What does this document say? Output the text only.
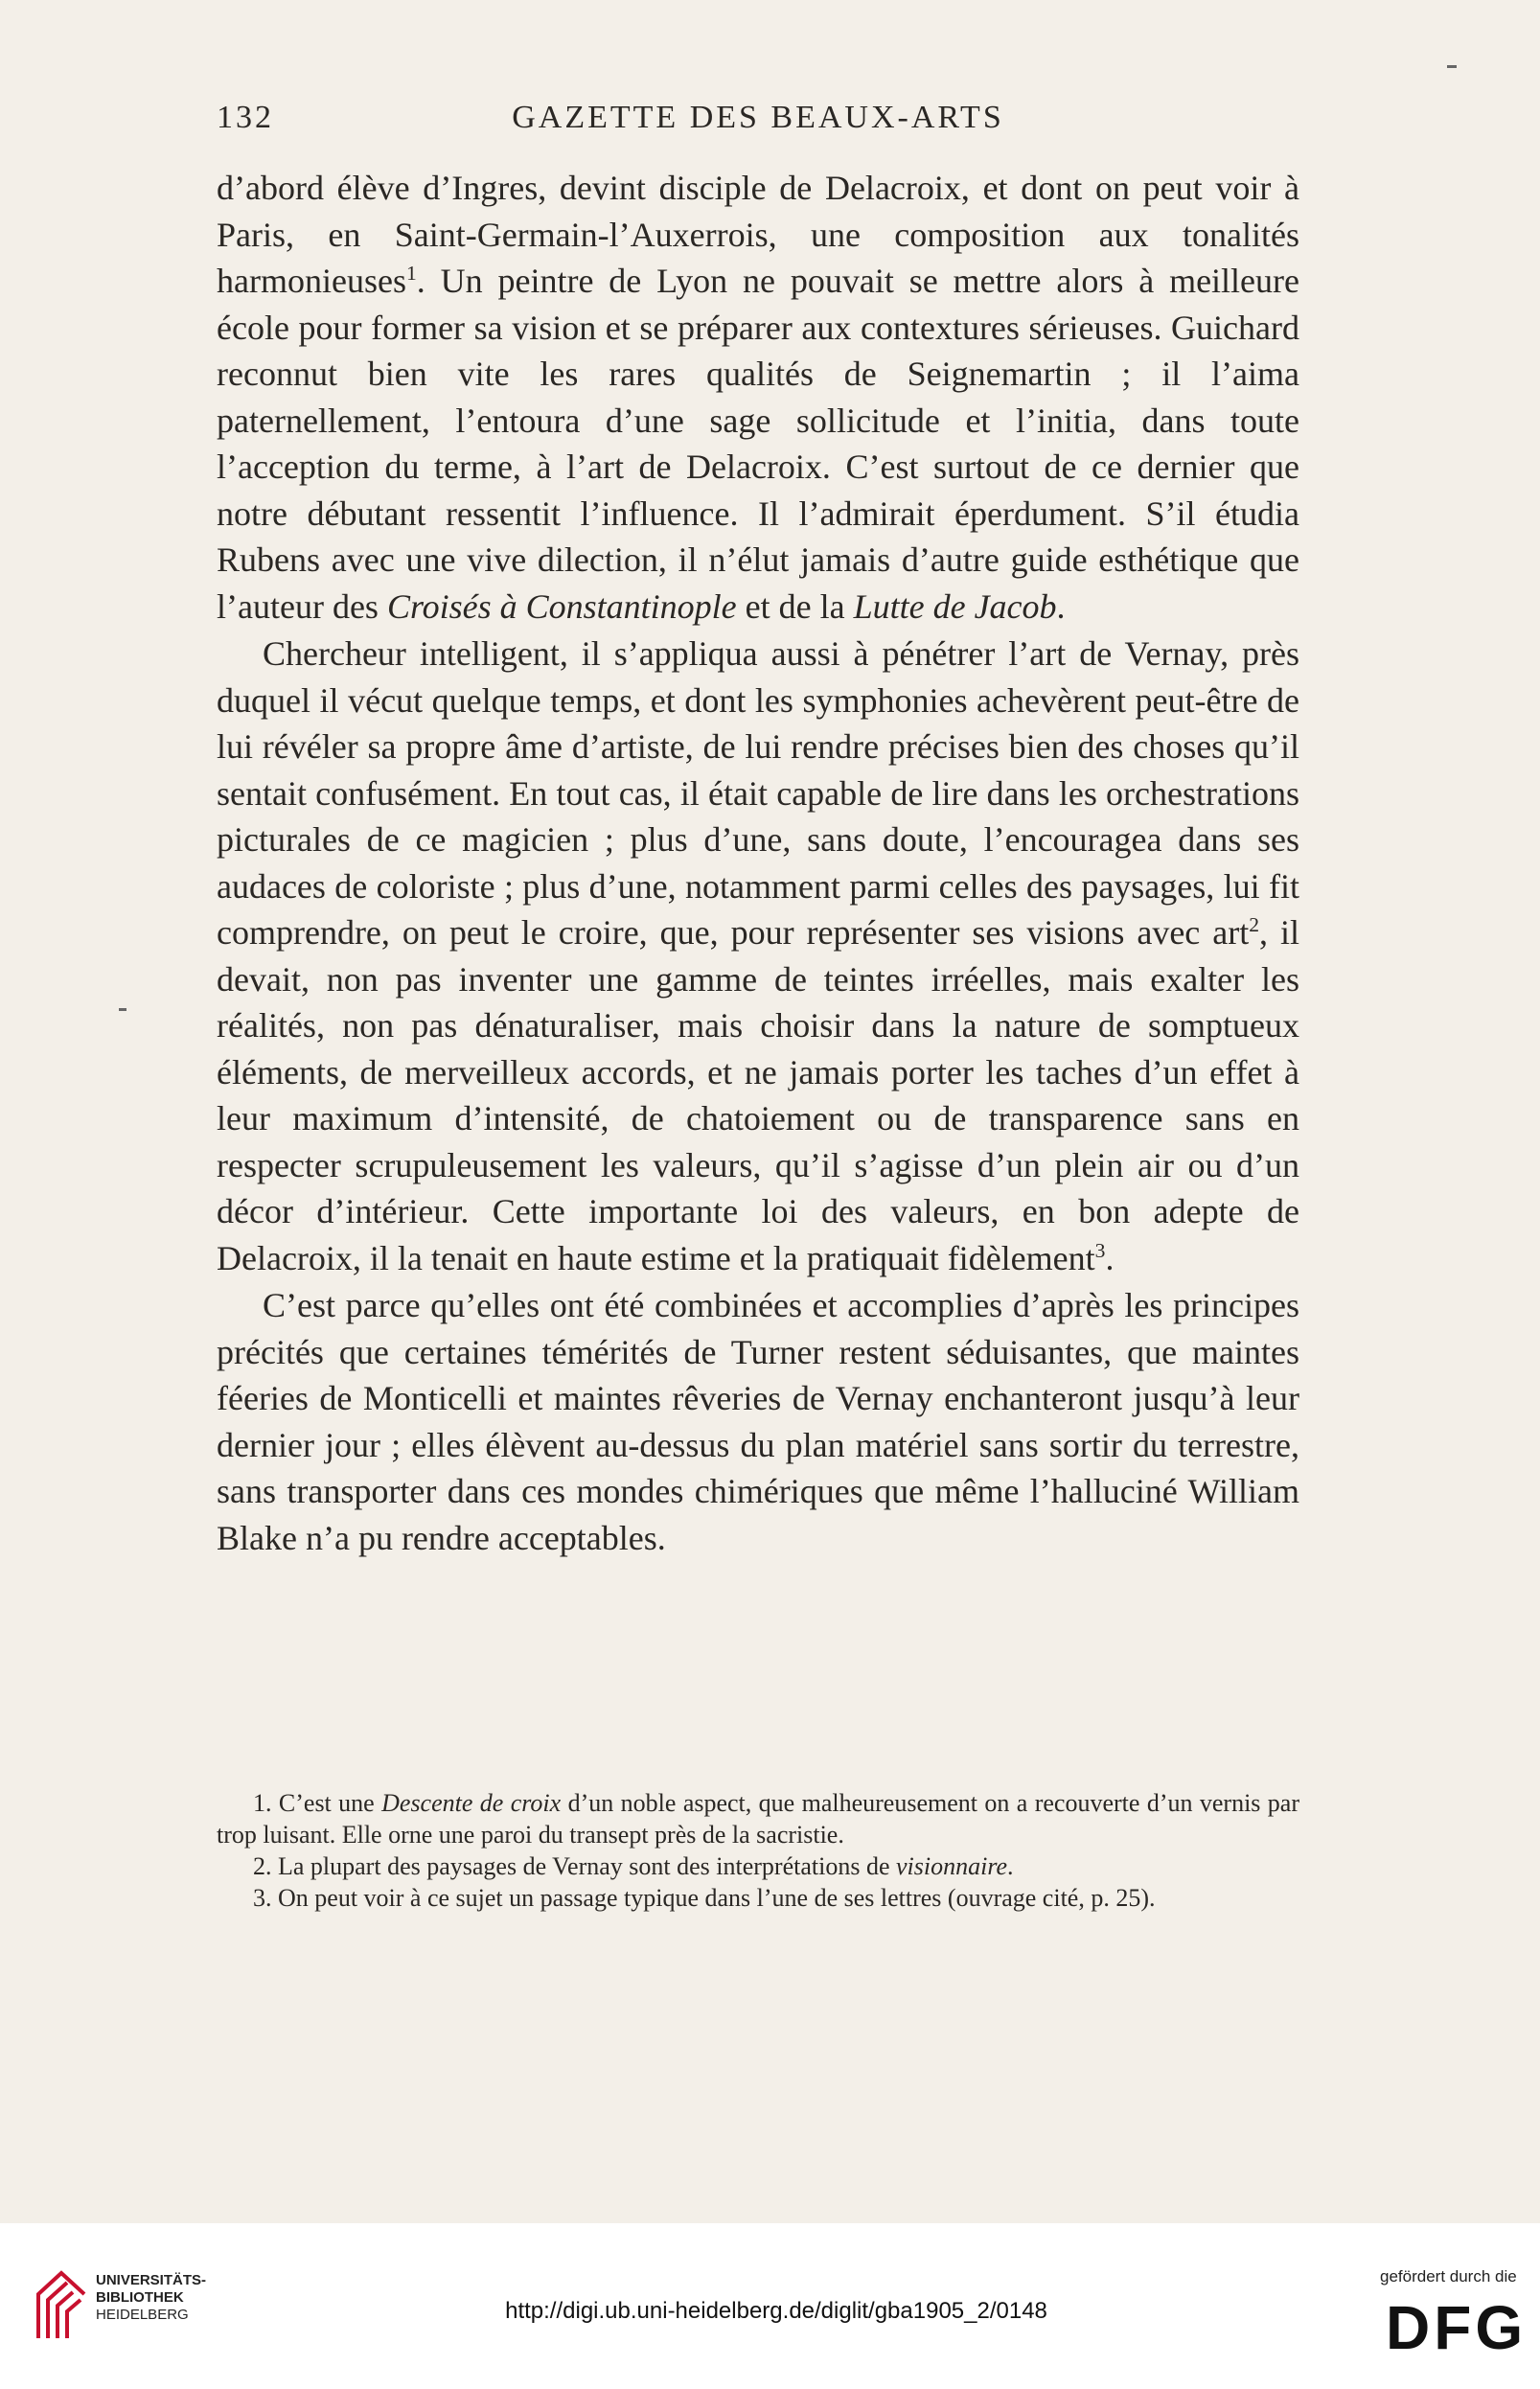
132	GAZETTE DES BEAUX-ARTS

d’abord élève d’Ingres, devint disciple de Delacroix, et dont on peut voir à Paris, en Saint-Germain-l’Auxerrois, une composition aux tonalités harmonieuses$^1$. Un peintre de Lyon ne pouvait se mettre alors à meilleure école pour former sa vision et se préparer aux contextures sérieuses. Guichard reconnut bien vite les rares qualités de Seignemartin ; il l’aima paternellement, l’entoura d’une sage sollicitude et l’initia, dans toute l’acception du terme, à l’art de Delacroix. C’est surtout de ce dernier que notre débutant ressentit l’influence. Il l’admirait éperdument. S’il étudia Rubens avec une vive dilection, il n’élut jamais d’autre guide esthétique que l’auteur des Croisés à Constantinople et de la Lutte de Jacob.

Chercheur intelligent, il s’appliqua aussi à pénétrer l’art de Vernay, près duquel il vécut quelque temps, et dont les symphonies achevèrent peut-être de lui révéler sa propre âme d’artiste, de lui rendre précises bien des choses qu’il sentait confusément. En tout cas, il était capable de lire dans les orchestrations picturales de ce magicien ; plus d’une, sans doute, l’encouragea dans ses audaces de coloriste ; plus d’une, notamment parmi celles des paysages, lui fit comprendre, on peut le croire, que, pour représenter ses visions avec art$^2$, il devait, non pas inventer une gamme de teintes irréelles, mais exalter les réalités, non pas dénaturaliser, mais choisir dans la nature de somptueux éléments, de merveilleux accords, et ne jamais porter les taches d’un effet à leur maximum d’intensité, de chatoiement ou de transparence sans en respecter scrupuleusement les valeurs, qu’il s’agisse d’un plein air ou d’un décor d’intérieur. Cette importante loi des valeurs, en bon adepte de Delacroix, il la tenait en haute estime et la pratiquait fidèlement$^3$.

C’est parce qu’elles ont été combinées et accomplies d’après les principes précités que certaines témérités de Turner restent séduisantes, que maintes féeries de Monticelli et maintes rêveries de Vernay enchanteront jusqu’à leur dernier jour ; elles élèvent au-dessus du plan matériel sans sortir du terrestre, sans transporter dans ces mondes chimériques que même l’halluciné William Blake n’a pu rendre acceptables.

1. C’est une Descente de croix d’un noble aspect, que malheureusement on a recouverte d’un vernis par trop luisant. Elle orne une paroi du transept près de la sacristie.

2. La plupart des paysages de Vernay sont des interprétations de visionnaire.

3. On peut voir à ce sujet un passage typique dans l’une de ses lettres (ouvrage cité, p. 25).

UNIVERSITÄTS-
BIBLIOTHEK
HEIDELBERG	http://digi.ub.uni-heidelberg.de/diglit/gba1905_2/0148
gefördert durch die
DFG
